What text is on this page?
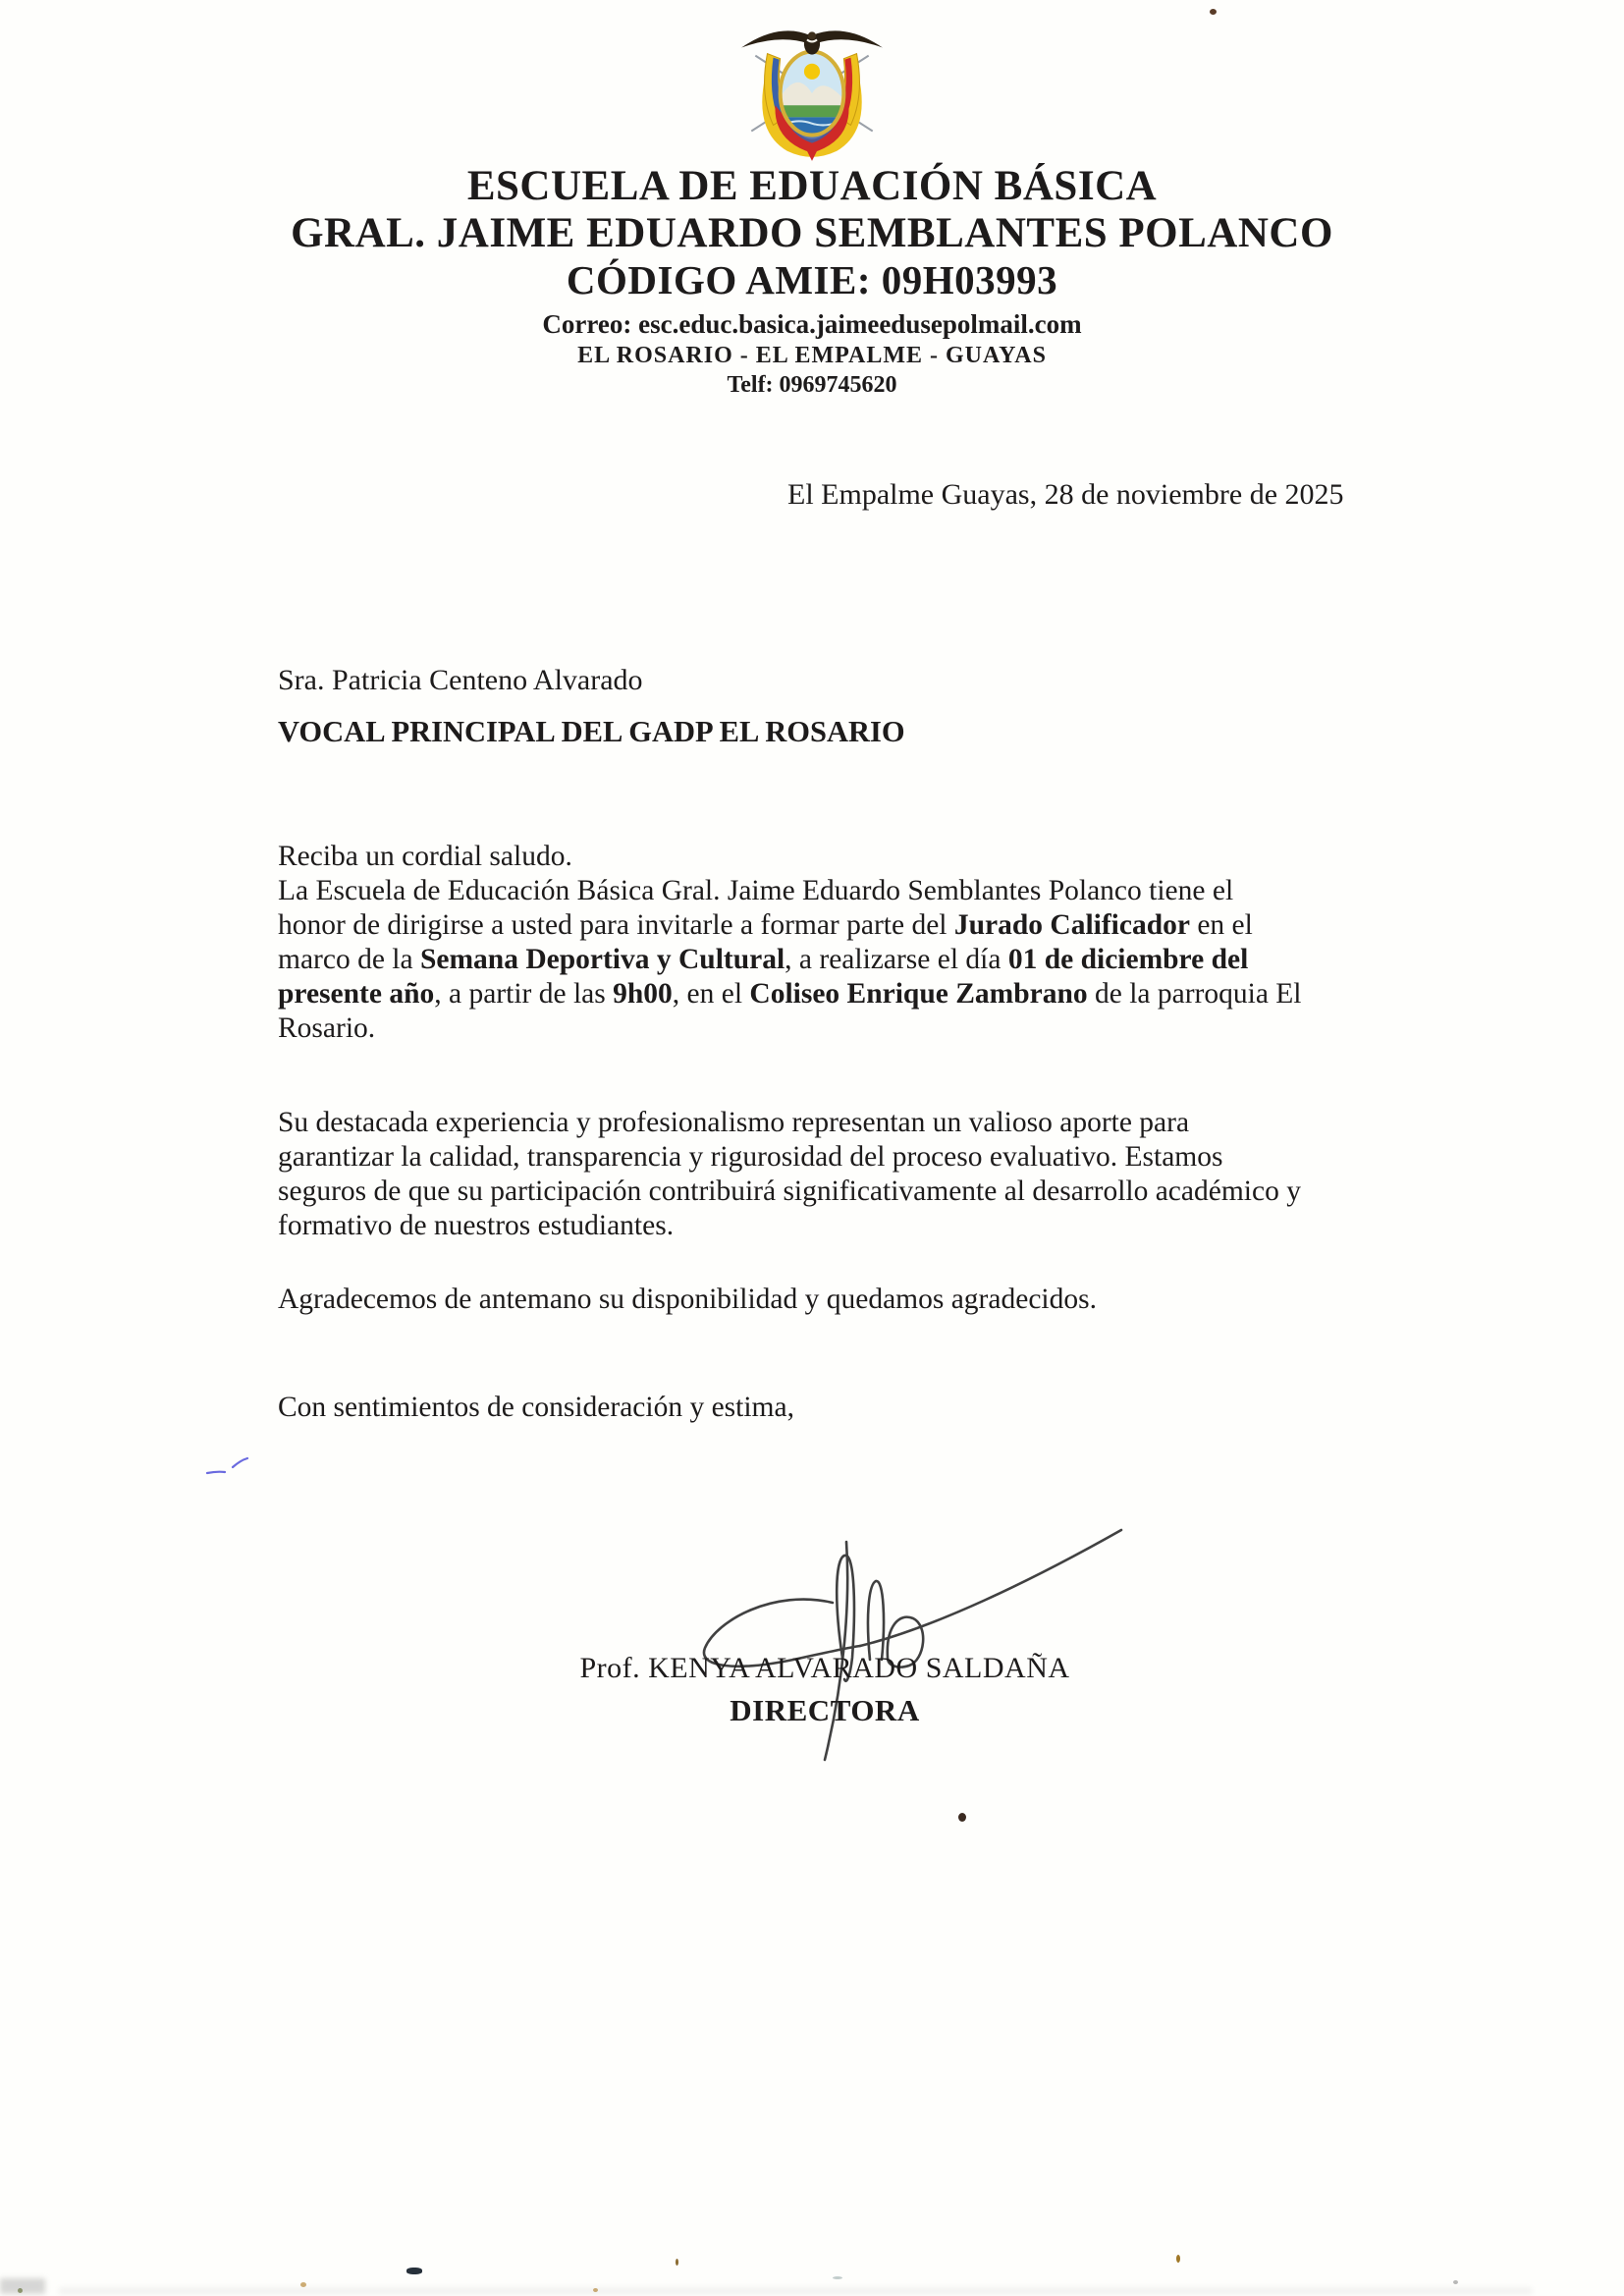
ESCUELA DE EDUACIÓN BÁSICA
GRAL. JAIME EDUARDO SEMBLANTES POLANCO
CÓDIGO AMIE: 09H03993
Correo: esc.educ.basica.jaimeedusepolmail.com
EL ROSARIO - EL EMPALME - GUAYAS
Telf: 0969745620
El Empalme Guayas, 28 de noviembre de 2025
Sra. Patricia Centeno Alvarado
VOCAL PRINCIPAL DEL GADP EL ROSARIO
Reciba un cordial saludo.
La Escuela de Educación Básica Gral. Jaime Eduardo Semblantes Polanco tiene el
honor de dirigirse a usted para invitarle a formar parte del Jurado Calificador en el
marco de la Semana Deportiva y Cultural, a realizarse el día 01 de diciembre del
presente año, a partir de las 9h00, en el Coliseo Enrique Zambrano de la parroquia El
Rosario.
Su destacada experiencia y profesionalismo representan un valioso aporte para
garantizar la calidad, transparencia y rigurosidad del proceso evaluativo. Estamos
seguros de que su participación contribuirá significativamente al desarrollo académico y
formativo de nuestros estudiantes.
Agradecemos de antemano su disponibilidad y quedamos agradecidos.
Con sentimientos de consideración y estima,
Prof. KENYA ALVARADO SALDAÑA
DIRECTORA
